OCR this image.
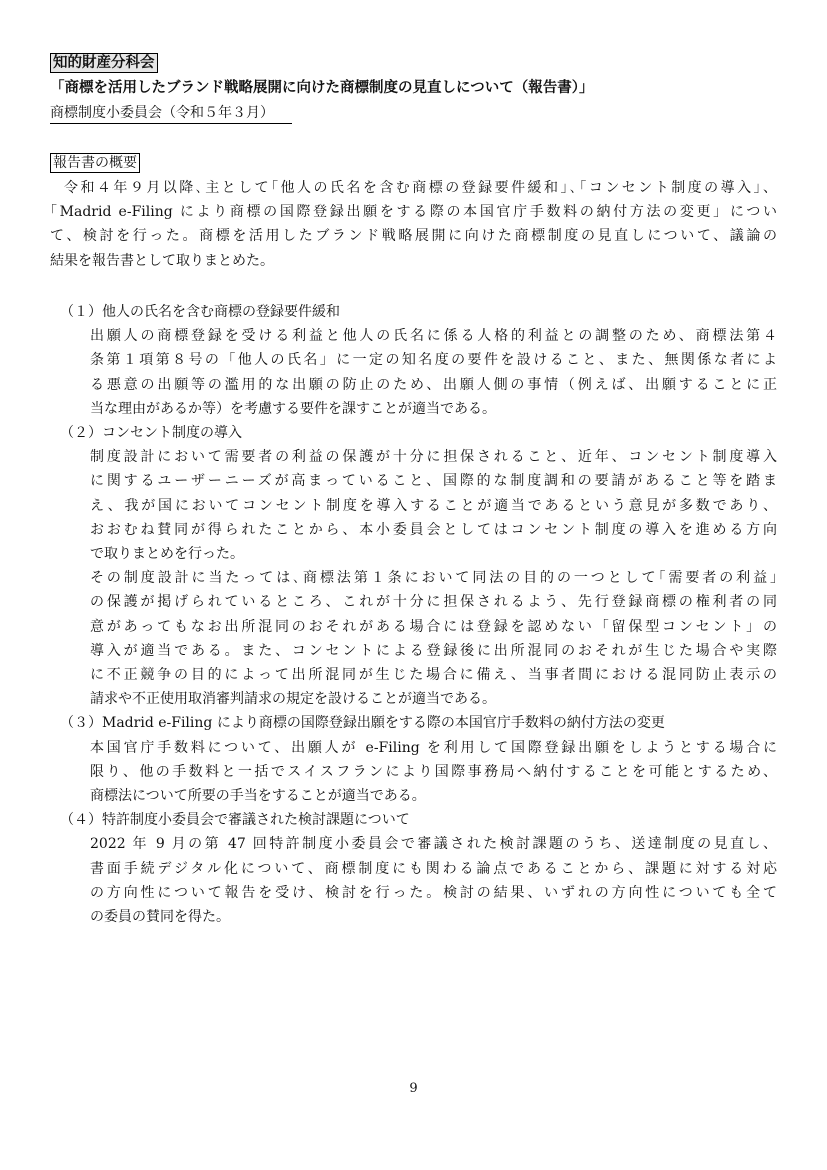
知的財産分科会
「商標を活用したブランド戦略展開に向けた商標制度の見直しについて（報告書）」
商標制度小委員会（令和５年３月）
報告書の概要
令和４年９月以降､主として｢他人の氏名を含む商標の登録要件緩和｣､｢コンセント制度の導入｣、
｢Madrid e-Filing により商標の国際登録出願をする際の本国官庁手数料の納付方法の変更｣ につい
て、検討を行った。商標を活用したブランド戦略展開に向けた商標制度の見直しについて、議論の
結果を報告書として取りまとめた。
（１）他人の氏名を含む商標の登録要件緩和
出願人の商標登録を受ける利益と他人の氏名に係る人格的利益との調整のため、商標法第４
条第１項第８号の「他人の氏名」に一定の知名度の要件を設けること、また、無関係な者によ
る悪意の出願等の濫用的な出願の防止のため、出願人側の事情（例えば、出願することに正
当な理由があるか等）を考慮する要件を課すことが適当である。
（２）コンセント制度の導入
制度設計において需要者の利益の保護が十分に担保されること、近年、コンセント制度導入
に関するユーザーニーズが高まっていること、国際的な制度調和の要請があること等を踏ま
え、我が国においてコンセント制度を導入することが適当であるという意見が多数であり、
おおむね賛同が得られたことから、本小委員会としてはコンセント制度の導入を進める方向
で取りまとめを行った。
その制度設計に当たっては､商標法第１条において同法の目的の一つとして｢需要者の利益｣
の保護が掲げられているところ、これが十分に担保されるよう、先行登録商標の権利者の同
意があってもなお出所混同のおそれがある場合には登録を認めない「留保型コンセント」の
導入が適当である。また、コンセントによる登録後に出所混同のおそれが生じた場合や実際
に不正競争の目的によって出所混同が生じた場合に備え、当事者間における混同防止表示の
請求や不正使用取消審判請求の規定を設けることが適当である。
（３）Madrid e-Filing により商標の国際登録出願をする際の本国官庁手数料の納付方法の変更
本国官庁手数料について、出願人が e-Filing を利用して国際登録出願をしようとする場合に
限り、他の手数料と一括でスイスフランにより国際事務局へ納付することを可能とするため、
商標法について所要の手当をすることが適当である。
（４）特許制度小委員会で審議された検討課題について
2022 年 9 月の第 47 回特許制度小委員会で審議された検討課題のうち、送達制度の見直し、
書面手続デジタル化について、商標制度にも関わる論点であることから、課題に対する対応
の方向性について報告を受け、検討を行った。検討の結果、いずれの方向性についても全て
の委員の賛同を得た。
9
